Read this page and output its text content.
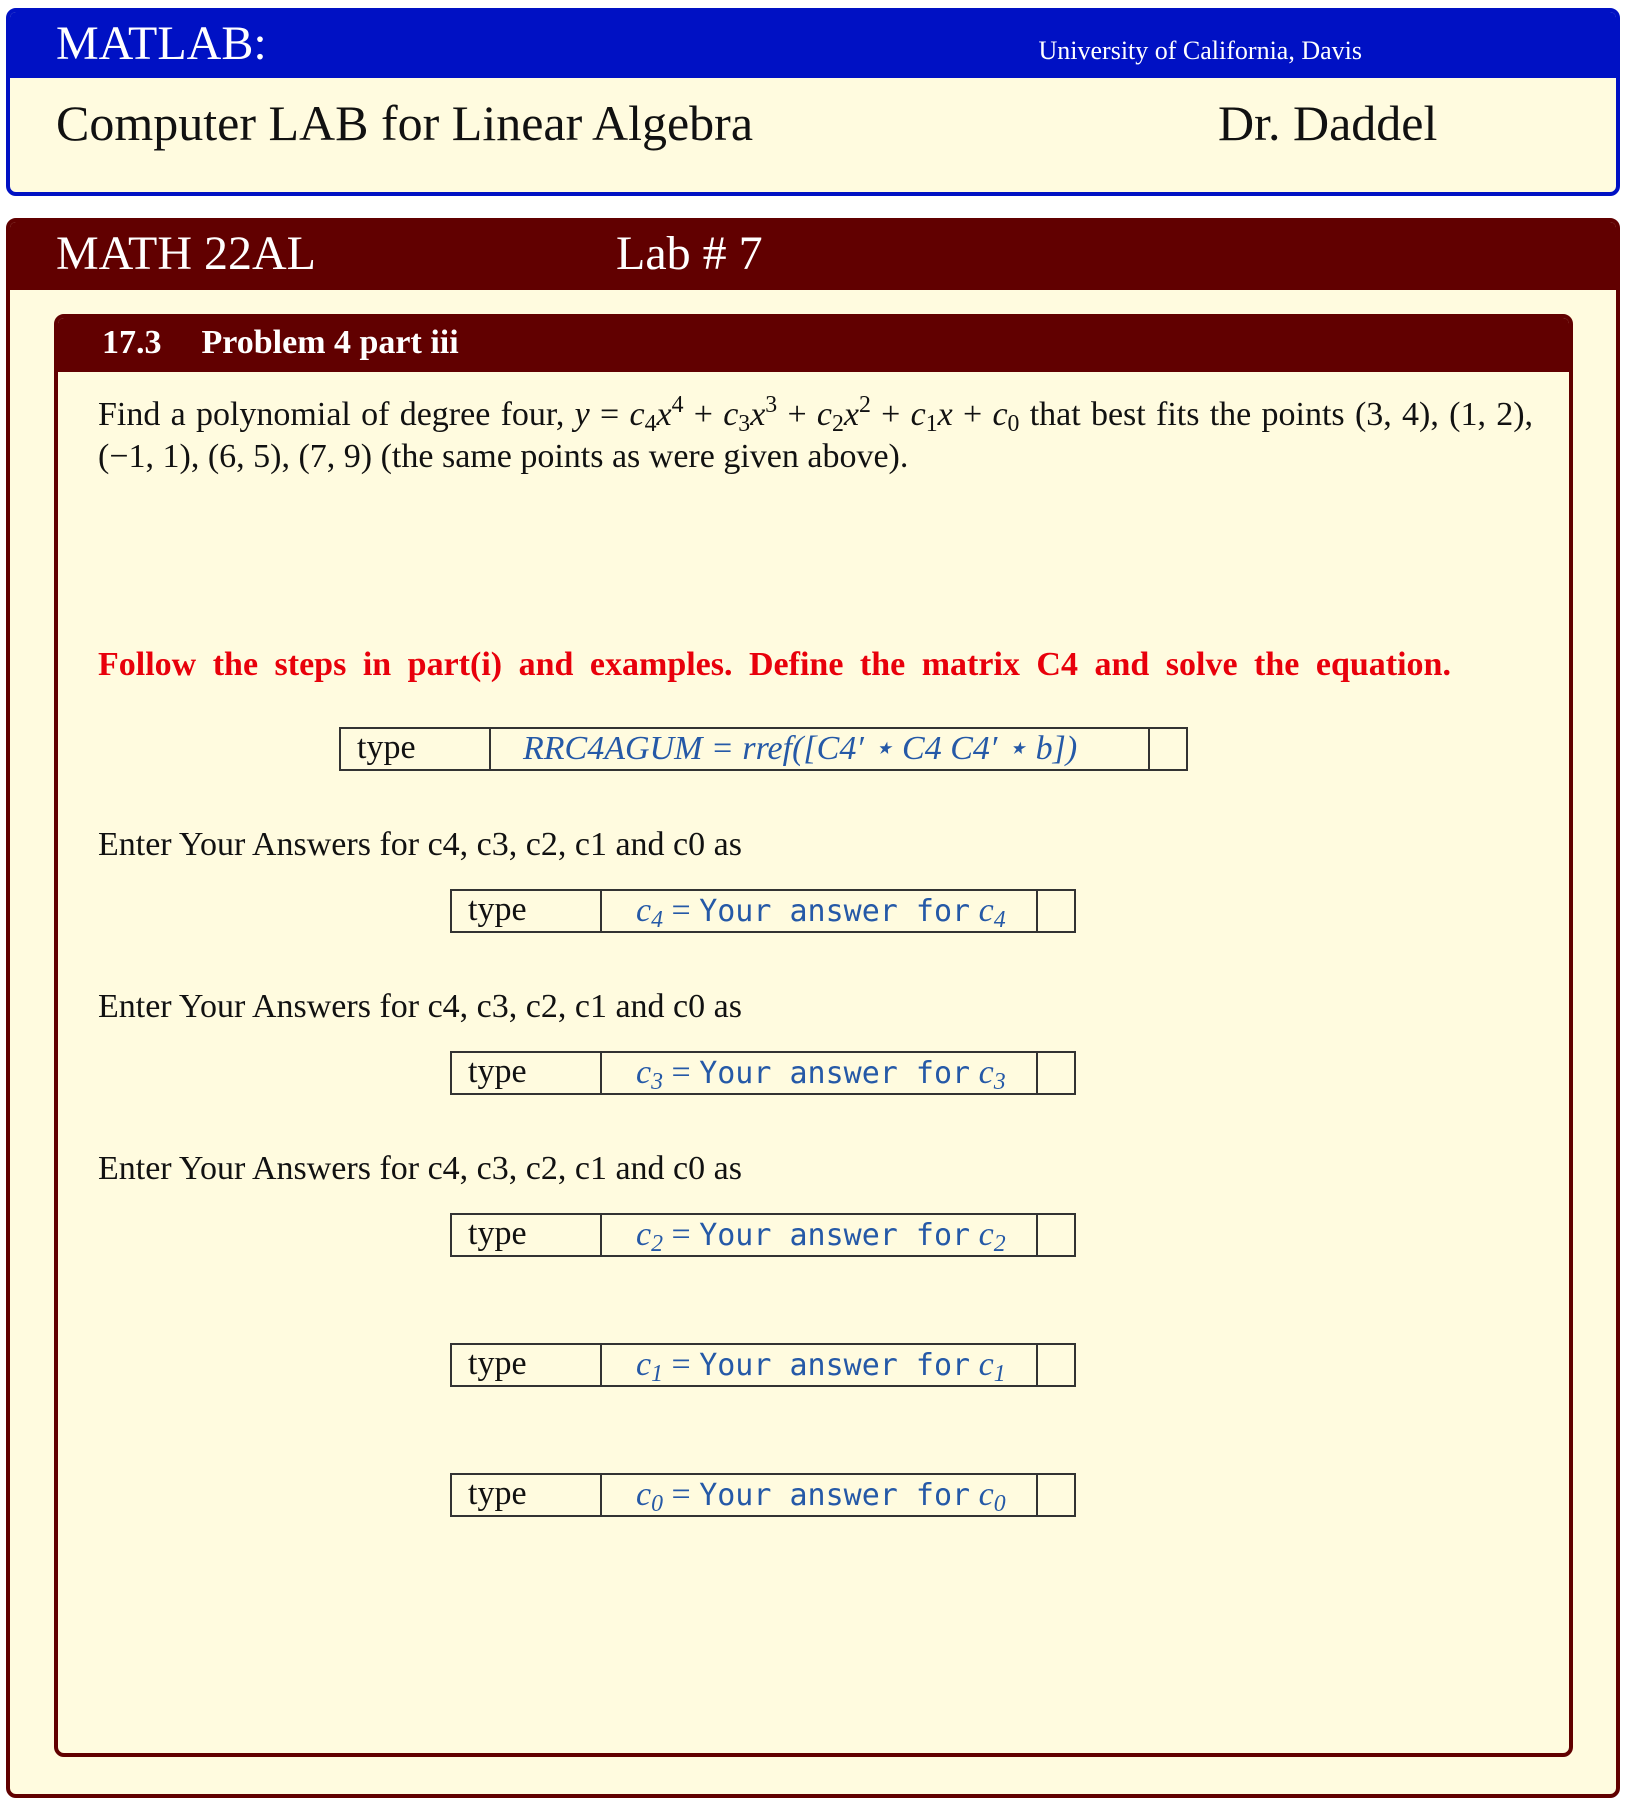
MATLAB:	University of California, Davis
Computer LAB for Linear Algebra	Dr. Daddel
MATH 22AL	Lab # 7
17.3 Problem 4 part iii
Find a polynomial of degree four, $y = c_4x^4 + c_3x^3 + c_2x^2 + c_1x + c_0$ that best fits the points (3, 4), (1, 2), (−1, 1), (6, 5), (7, 9) (the same points as were given above).
Follow the steps in part(i) and examples. Define the matrix C4 and solve the equation.
type	RRC4AGUM = rref([C4′ ⋆ C4 C4′ ⋆ b])
Enter Your Answers for c4, c3, c2, c1 and c0 as
type	$c_4$ = Your answer for $c_4$
Enter Your Answers for c4, c3, c2, c1 and c0 as
type	$c_3$ = Your answer for $c_3$
Enter Your Answers for c4, c3, c2, c1 and c0 as
type	$c_2$ = Your answer for $c_2$
type	$c_1$ = Your answer for $c_1$
type	$c_0$ = Your answer for $c_0$
